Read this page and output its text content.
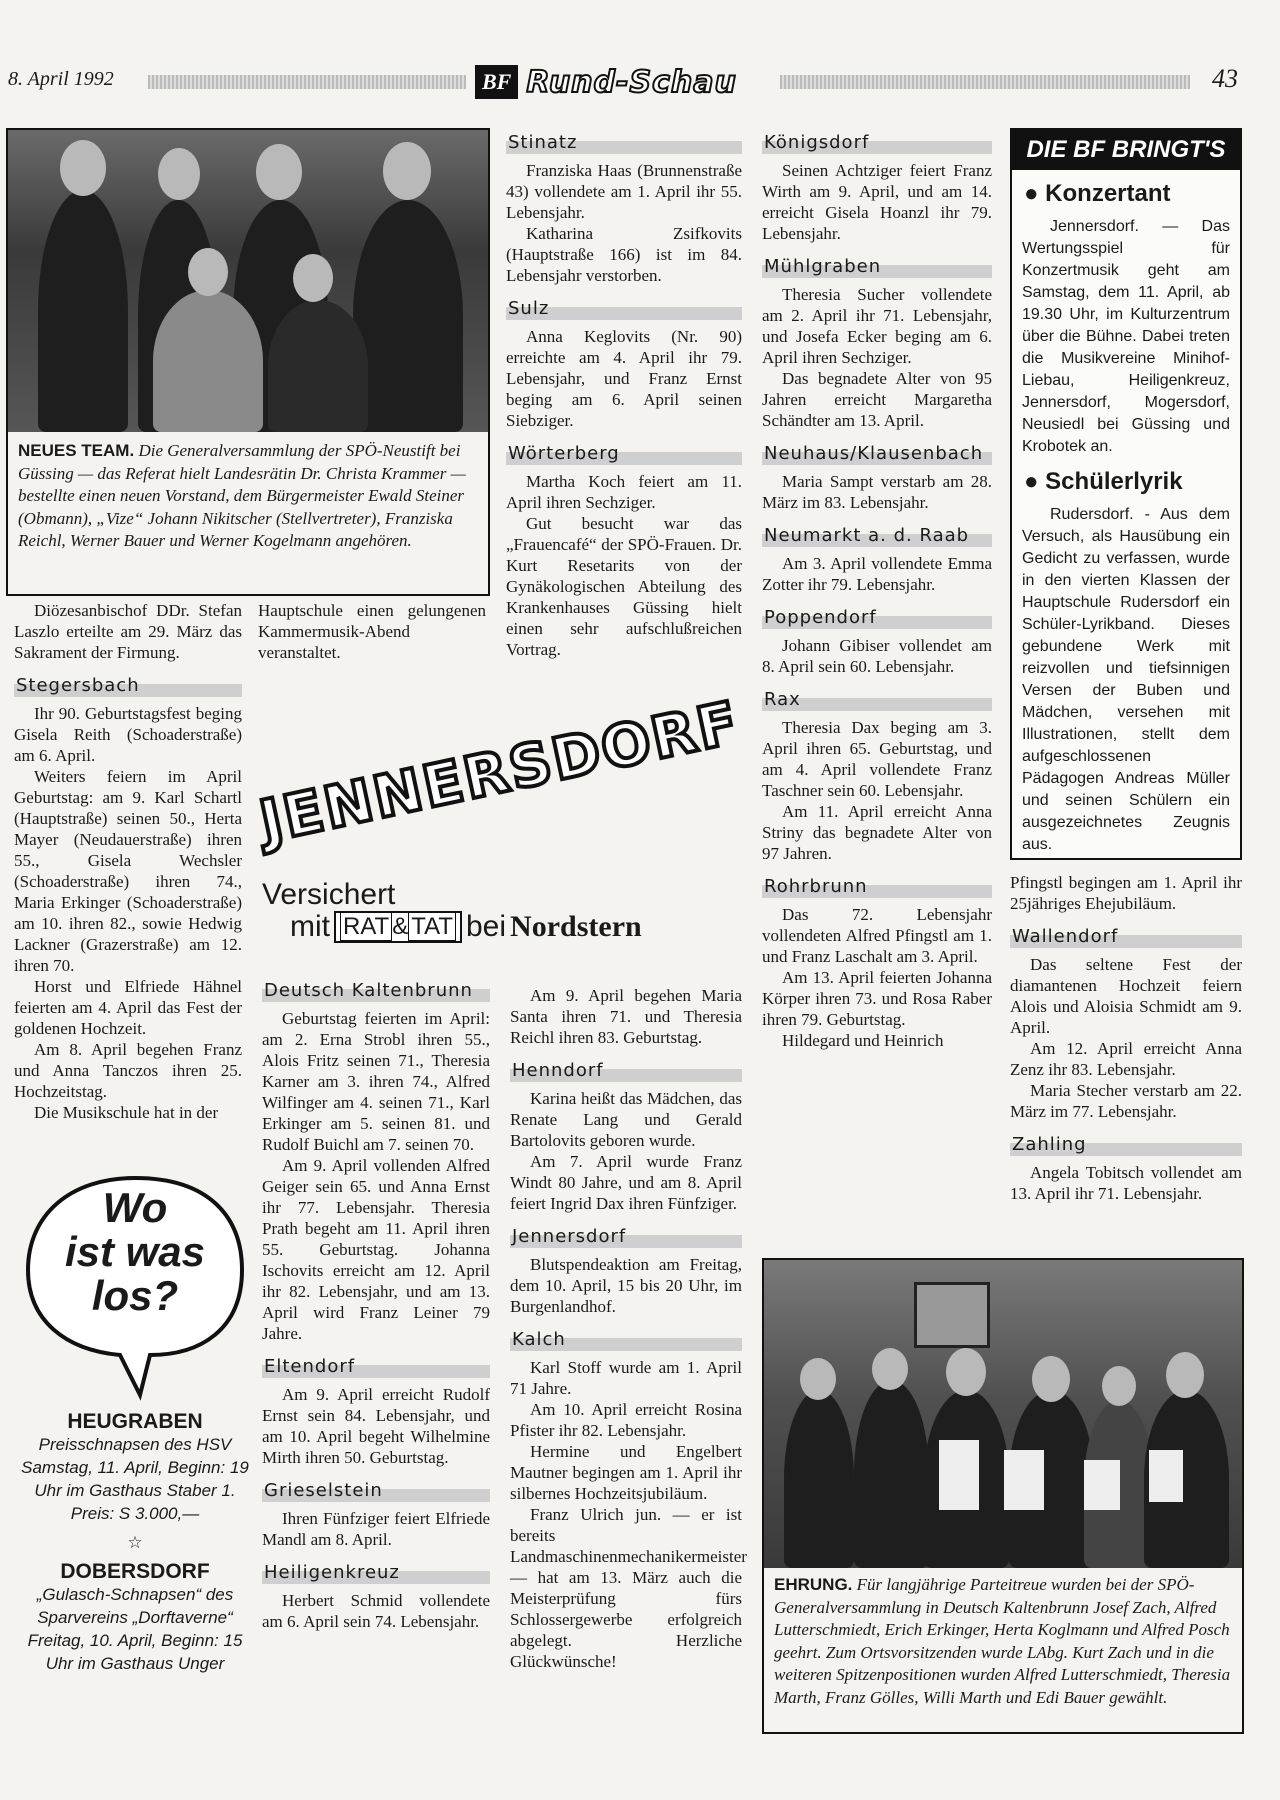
8. April 1992	BF Rund-Schau	43
NEUES TEAM. Die Generalversammlung der SPÖ-Neustift bei Güssing — das Referat hielt Landesrätin Dr. Christa Krammer — bestellte einen neuen Vorstand, dem Bürgermeister Ewald Steiner (Obmann), „Vize“ Johann Nikitscher (Stellvertreter), Franziska Reichl, Werner Bauer und Werner Kogelmann angehören.

Diözesanbischof DDr. Stefan Laszlo erteilte am 29. März das Sakrament der Firmung.

Stegersbach

Ihr 90. Geburtstagsfest beging Gisela Reith (Schoaderstraße) am 6. April.

Weiters feiern im April Geburtstag: am 9. Karl Schartl (Hauptstraße) seinen 50., Herta Mayer (Neudauerstraße) ihren 55., Gisela Wechsler (Schoaderstraße) ihren 74., Maria Erkinger (Schoaderstraße) am 10. ihren 82., sowie Hedwig Lackner (Grazerstraße) am 12. ihren 70.

Horst und Elfriede Hähnel feierten am 4. April das Fest der goldenen Hochzeit.

Am 8. April begehen Franz und Anna Tanczos ihren 25. Hochzeitstag.

Die Musikschule hat in der

Hauptschule einen gelungenen Kammermusik-Abend veranstaltet.

Stinatz

Franziska Haas (Brunnenstraße 43) vollendete am 1. April ihr 55. Lebensjahr.

Katharina Zsifkovits (Hauptstraße 166) ist im 84. Lebensjahr verstorben.

Sulz

Anna Keglovits (Nr. 90) erreichte am 4. April ihr 79. Lebensjahr, und Franz Ernst beging am 6. April seinen Siebziger.

Wörterberg

Martha Koch feiert am 11. April ihren Sechziger.

Gut besucht war das „Frauencafé“ der SPÖ-Frauen. Dr. Kurt Resetarits von der Gynäkologischen Abteilung des Krankenhauses Güssing hielt einen sehr aufschlußreichen Vortrag.

Königsdorf

Seinen Achtziger feiert Franz Wirth am 9. April, und am 14. erreicht Gisela Hoanzl ihr 79. Lebensjahr.

Mühlgraben

Theresia Sucher vollendete am 2. April ihr 71. Lebensjahr, und Josefa Ecker beging am 6. April ihren Sechziger.

Das begnadete Alter von 95 Jahren erreicht Margaretha Schändter am 13. April.

Neuhaus/Klausenbach

Maria Sampt verstarb am 28. März im 83. Lebensjahr.

Neumarkt a. d. Raab

Am 3. April vollendete Emma Zotter ihr 79. Lebensjahr.

Poppendorf

Johann Gibiser vollendet am 8. April sein 60. Lebensjahr.

Rax

Theresia Dax beging am 3. April ihren 65. Geburtstag, und am 4. April vollendete Franz Taschner sein 60. Lebensjahr.

Am 11. April erreicht Anna Striny das begnadete Alter von 97 Jahren.

Rohrbrunn

Das 72. Lebensjahr vollendeten Alfred Pfingstl am 1. und Franz Laschalt am 3. April.

Am 13. April feierten Johanna Körper ihren 73. und Rosa Raber ihren 79. Geburtstag.

Hildegard und Heinrich

DIE BF BRINGT'S
● Konzertant

Jennersdorf. — Das Wertungsspiel für Konzertmusik geht am Samstag, dem 11. April, ab 19.30 Uhr, im Kulturzentrum über die Bühne. Dabei treten die Musikvereine Minihof-Liebau, Heiligenkreuz, Jennersdorf, Mogersdorf, Neusiedl bei Güssing und Krobotek an.

● Schülerlyrik

Rudersdorf. - Aus dem Versuch, als Hausübung ein Gedicht zu verfassen, wurde in den vierten Klassen der Hauptschule Rudersdorf ein Schüler-Lyrikband. Dieses gebundene Werk mit reizvollen und tiefsinnigen Versen der Buben und Mädchen, versehen mit Illustrationen, stellt dem aufgeschlossenen Pädagogen Andreas Müller und seinen Schülern ein ausgezeichnetes Zeugnis aus.

Pfingstl begingen am 1. April ihr 25jähriges Ehejubiläum.

Wallendorf

Das seltene Fest der diamantenen Hochzeit feiern Alois und Aloisia Schmidt am 9. April.

Am 12. April erreicht Anna Zenz ihr 83. Lebensjahr.

Maria Stecher verstarb am 22. März im 77. Lebensjahr.

Zahling

Angela Tobitsch vollendet am 13. April ihr 71. Lebensjahr.

JENNERSDORF
Versichert
mit RAT & TAT bei Nordstern
Deutsch Kaltenbrunn

Geburtstag feierten im April: am 2. Erna Strobl ihren 55., Alois Fritz seinen 71., Theresia Karner am 3. ihren 74., Alfred Wilfinger am 4. seinen 71., Karl Erkinger am 5. seinen 81. und Rudolf Buichl am 7. seinen 70.

Am 9. April vollenden Alfred Geiger sein 65. und Anna Ernst ihr 77. Lebensjahr. Theresia Prath begeht am 11. April ihren 55. Geburtstag. Johanna Ischovits erreicht am 12. April ihr 82. Lebensjahr, und am 13. April wird Franz Leiner 79 Jahre.

Eltendorf

Am 9. April erreicht Rudolf Ernst sein 84. Lebensjahr, und am 10. April begeht Wilhelmine Mirth ihren 50. Geburtstag.

Grieselstein

Ihren Fünfziger feiert Elfriede Mandl am 8. April.

Heiligenkreuz

Herbert Schmid vollendete am 6. April sein 74. Lebensjahr.

Am 9. April begehen Maria Santa ihren 71. und Theresia Reichl ihren 83. Geburtstag.

Henndorf

Karina heißt das Mädchen, das Renate Lang und Gerald Bartolovits geboren wurde.

Am 7. April wurde Franz Windt 80 Jahre, und am 8. April feiert Ingrid Dax ihren Fünfziger.

Jennersdorf

Blutspendeaktion am Freitag, dem 10. April, 15 bis 20 Uhr, im Burgenlandhof.

Kalch

Karl Stoff wurde am 1. April 71 Jahre.

Am 10. April erreicht Rosina Pfister ihr 82. Lebensjahr.

Hermine und Engelbert Mautner begingen am 1. April ihr silbernes Hochzeitsjubiläum.

Franz Ulrich jun. — er ist bereits Landmaschinenmechanikermeister — hat am 13. März auch die Meisterprüfung fürs Schlossergewerbe erfolgreich abgelegt. Herzliche Glückwünsche!

Wo
ist was
los?
HEUGRABEN
Preisschnapsen des HSV Samstag, 11. April, Beginn: 19 Uhr im Gasthaus Staber 1. Preis: S 3.000,—
☆
DOBERSDORF
„Gulasch-Schnapsen“ des Sparvereins „Dorftaverne“ Freitag, 10. April, Beginn: 15 Uhr im Gasthaus Unger
EHRUNG. Für langjährige Parteitreue wurden bei der SPÖ-Generalversammlung in Deutsch Kaltenbrunn Josef Zach, Alfred Lutterschmiedt, Erich Erkinger, Herta Koglmann und Alfred Posch geehrt. Zum Ortsvorsitzenden wurde LAbg. Kurt Zach und in die weiteren Spitzenpositionen wurden Alfred Lutterschmiedt, Theresia Marth, Franz Gölles, Willi Marth und Edi Bauer gewählt.
